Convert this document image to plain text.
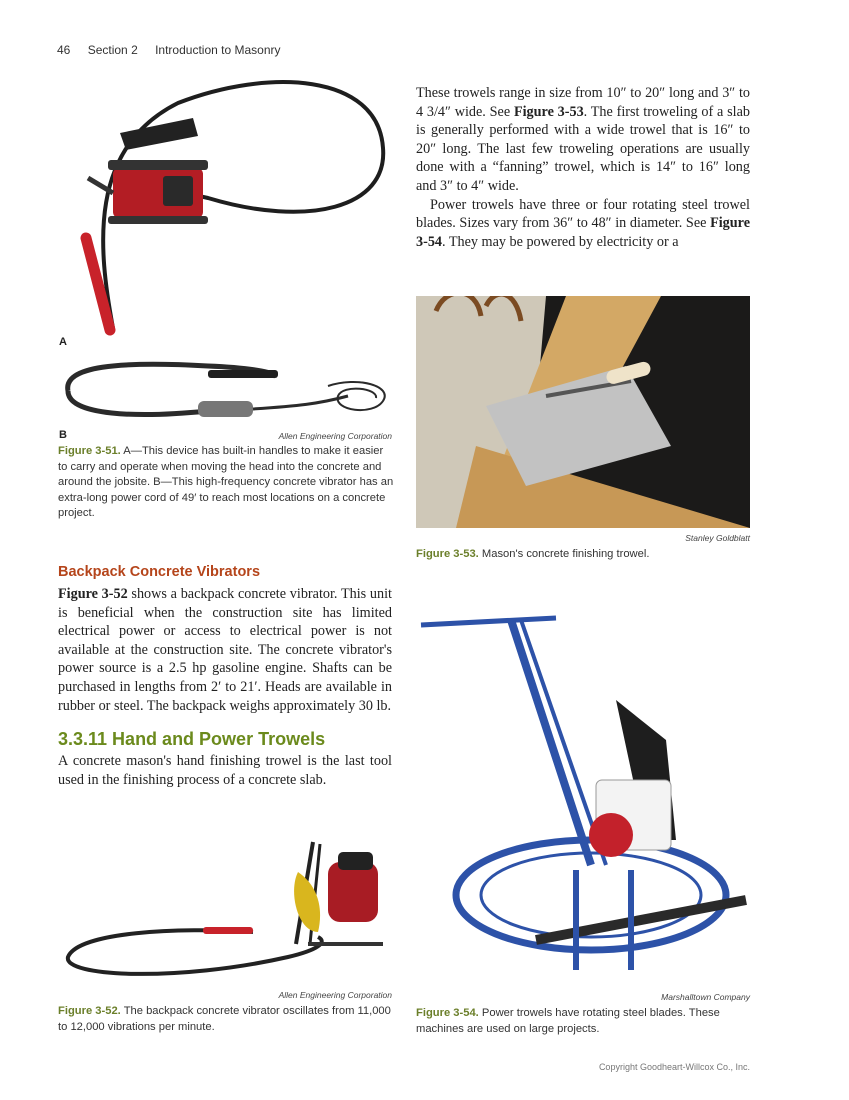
46 Section 2 Introduction to Masonry
A
B	Allen Engineering Corporation
Figure 3-51. A—This device has built-in handles to make it easier to carry and operate when moving the head into the concrete and around the jobsite. B—This high-frequency concrete vibrator has an extra-long power cord of 49′ to reach most locations on a concrete project.
Backpack Concrete Vibrators
Figure 3-52 shows a backpack concrete vibrator. This unit is beneficial when the construction site has limited electrical power or access to electrical power is not available at the construction site. The concrete vibrator's power source is a 2.5 hp gasoline engine. Shafts can be purchased in lengths from 2′ to 21′. Heads are available in rubber or steel. The backpack weighs approximately 30 lb.
3.3.11 Hand and Power Trowels
A concrete mason's hand finishing trowel is the last tool used in the finishing process of a concrete slab.
Allen Engineering Corporation
Figure 3-52. The backpack concrete vibrator oscillates from 11,000 to 12,000 vibrations per minute.
These trowels range in size from 10″ to 20″ long and 3″ to 4 3/4″ wide. See Figure 3-53. The first troweling of a slab is generally performed with a wide trowel that is 16″ to 20″ long. The last few troweling operations are usually done with a “fanning” trowel, which is 14″ to 16″ long and 3″ to 4″ wide.
Power trowels have three or four rotating steel trowel blades. Sizes vary from 36″ to 48″ in diameter. See Figure 3-54. They may be powered by electricity or a
Stanley Goldblatt
Figure 3-53. Mason's concrete finishing trowel.
Marshalltown Company
Figure 3-54. Power trowels have rotating steel blades. These machines are used on large projects.
Copyright Goodheart-Willcox Co., Inc.
